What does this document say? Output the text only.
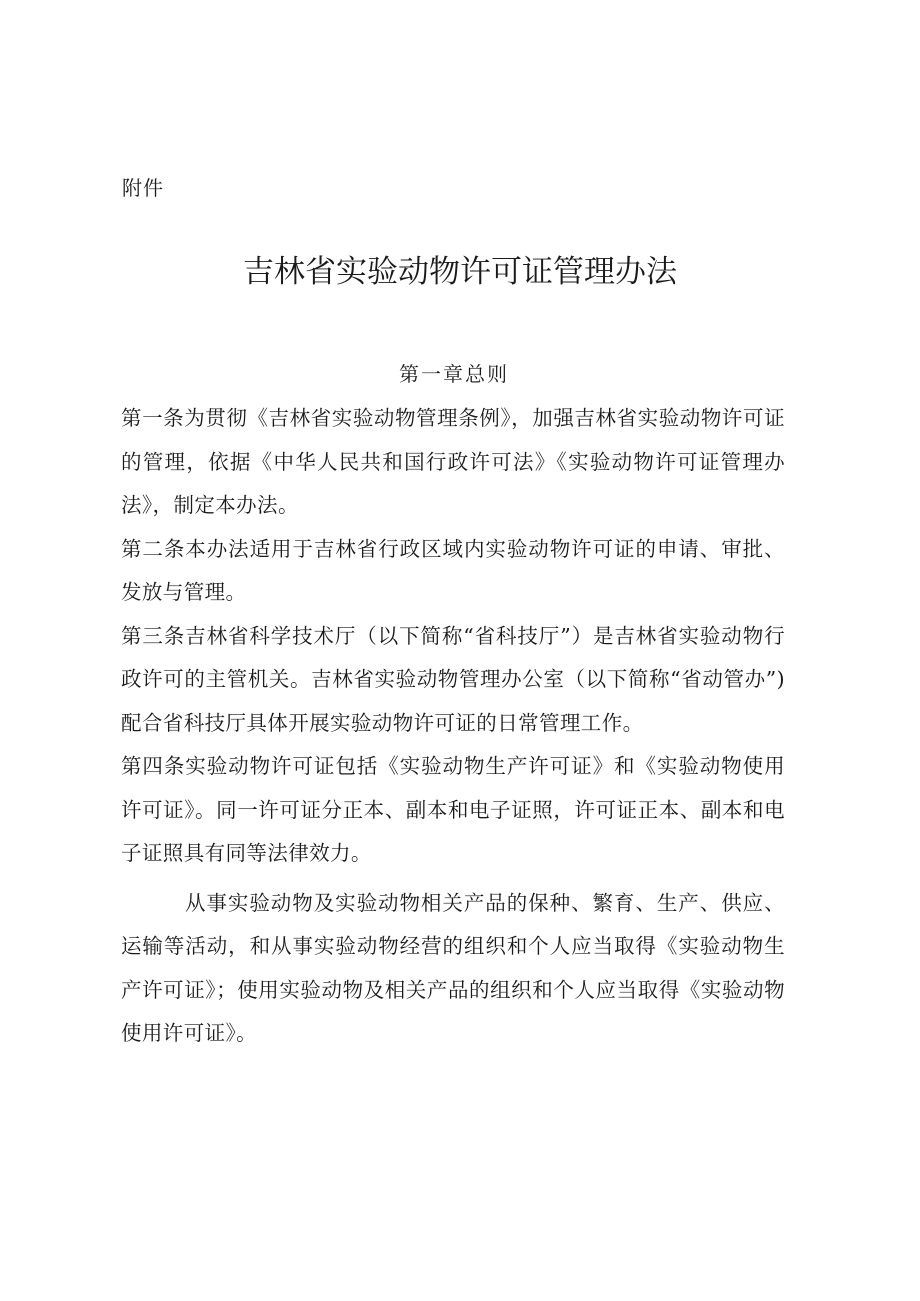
附件
吉林省实验动物许可证管理办法
第一章总则

第一条为贯彻《吉林省实验动物管理条例》，加强吉林省实验动物许可证的管理，依据《中华人民共和国行政许可法》《实验动物许可证管理办法》，制定本办法。

第二条本办法适用于吉林省行政区域内实验动物许可证的申请、审批、发放与管理。

第三条吉林省科学技术厅（以下简称“省科技厅”）是吉林省实验动物行政许可的主管机关。吉林省实验动物管理办公室（以下简称“省动管办”)配合省科技厅具体开展实验动物许可证的日常管理工作。

第四条实验动物许可证包括《实验动物生产许可证》和《实验动物使用许可证》。同一许可证分正本、副本和电子证照，许可证正本、副本和电子证照具有同等法律效力。

从事实验动物及实验动物相关产品的保种、繁育、生产、供应、运输等活动，和从事实验动物经营的组织和个人应当取得《实验动物生产许可证》；使用实验动物及相关产品的组织和个人应当取得《实验动物使用许可证》。
